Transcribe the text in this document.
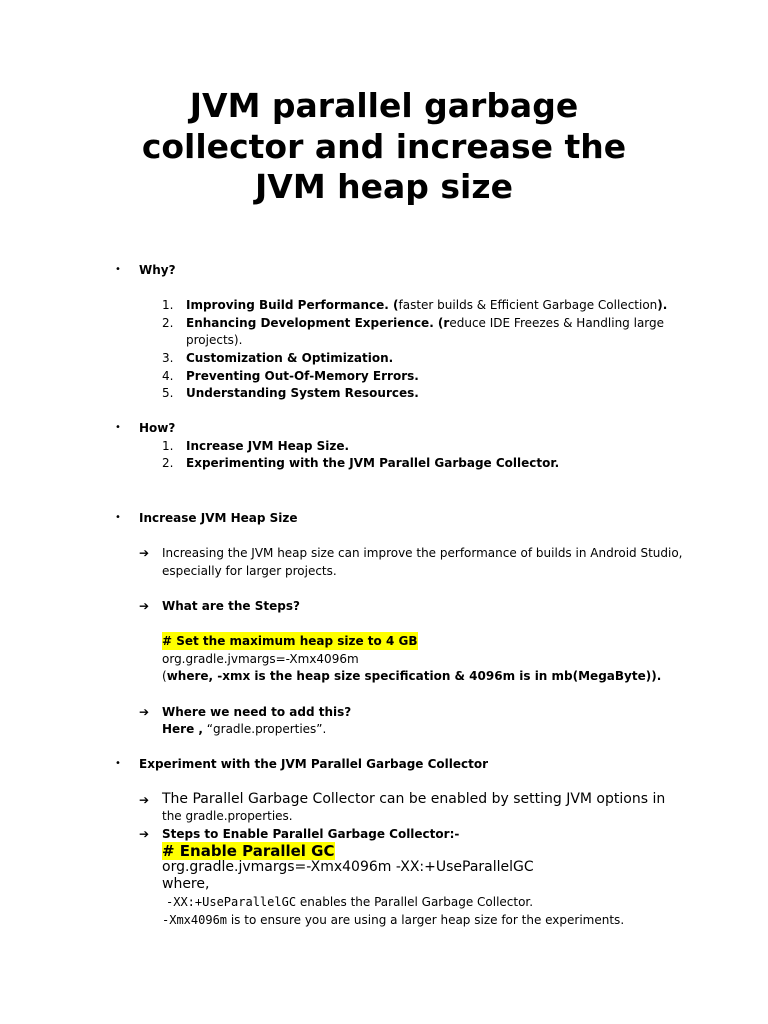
JVM parallel garbage
collector and increase the
JVM heap size
• Why?
1. Improving Build Performance. (faster builds & Efficient Garbage Collection).
2. Enhancing Development Experience. (reduce IDE Freezes & Handling large
projects).
3. Customization & Optimization.
4. Preventing Out-Of-Memory Errors.
5. Understanding System Resources.
• How?
1. Increase JVM Heap Size.
2. Experimenting with the JVM Parallel Garbage Collector.
• Increase JVM Heap Size
➔ Increasing the JVM heap size can improve the performance of builds in Android Studio,
especially for larger projects.
➔ What are the Steps?
# Set the maximum heap size to 4 GB
org.gradle.jvmargs=-Xmx4096m
(where, -xmx is the heap size specification & 4096m is in mb(MegaByte)).
➔ Where we need to add this?
Here , “gradle.properties”.
• Experiment with the JVM Parallel Garbage Collector
➔ The Parallel Garbage Collector can be enabled by setting JVM options in
the gradle.properties.
➔ Steps to Enable Parallel Garbage Collector:-
# Enable Parallel GC
org.gradle.jvmargs=-Xmx4096m -XX:+UseParallelGC
where,
-XX:+UseParallelGC enables the Parallel Garbage Collector.
-Xmx4096m is to ensure you are using a larger heap size for the experiments.
